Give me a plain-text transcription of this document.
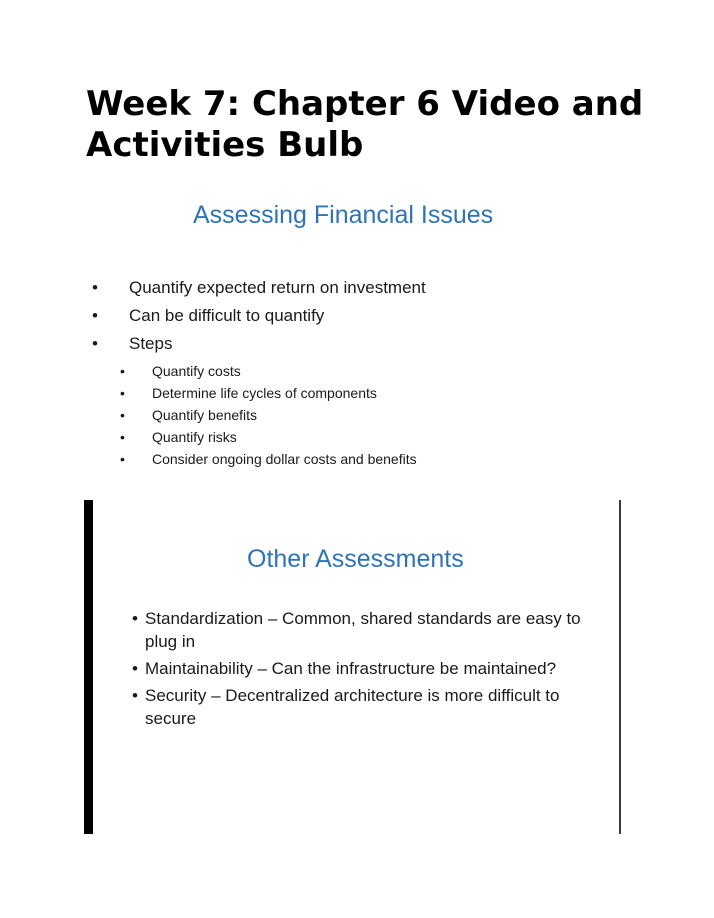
Week 7: Chapter 6 Video and Activities Bulb
Assessing Financial Issues
• Quantify expected return on investment
• Can be difficult to quantify
• Steps
• Quantify costs
• Determine life cycles of components
• Quantify benefits
• Quantify risks
• Consider ongoing dollar costs and benefits
Other Assessments
• Standardization – Common, shared standards are easy to plug in
• Maintainability – Can the infrastructure be maintained?
• Security – Decentralized architecture is more difficult to secure
